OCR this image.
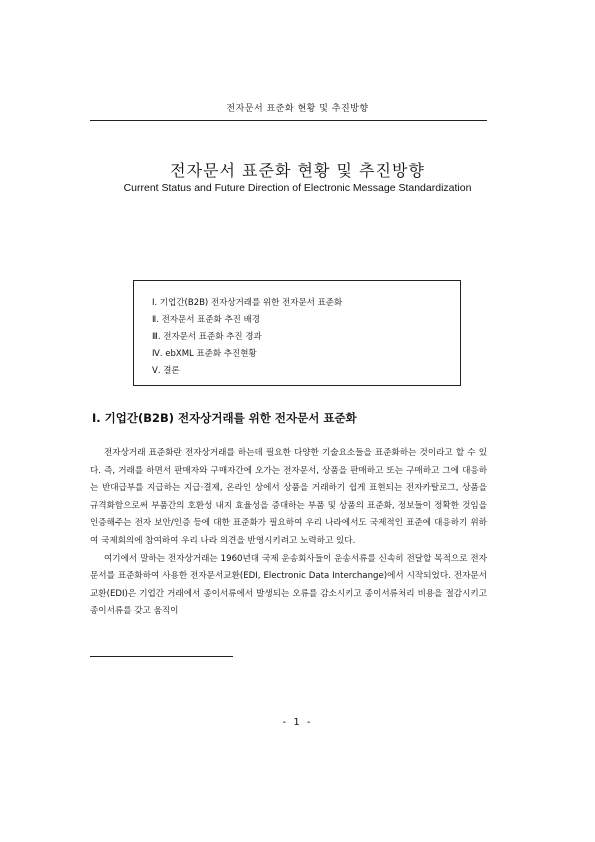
전자문서 표준화 현황 및 추진방향
전자문서 표준화 현황 및 추진방향
Current Status and Future Direction of Electronic Message Standardization
Ⅰ. 기업간(B2B) 전자상거래를 위한 전자문서 표준화
Ⅱ. 전자문서 표준화 추진 배경
Ⅲ. 전자문서 표준화 추진 경과
Ⅳ. ebXML 표준화 추진현황
Ⅴ. 결론
Ⅰ. 기업간(B2B) 전자상거래를 위한 전자문서 표준화

전자상거래 표준화란 전자상거래를 하는데 필요한 다양한 기술요소들을 표준화하는 것이라고 할 수 있다. 즉, 거래를 하면서 판매자와 구매자간에 오가는 전자문서, 상품을 판매하고 또는 구매하고 그에 대응하는 반대급부를 지급하는 지급·결제, 온라인 상에서 상품을 거래하기 쉽게 표현되는 전자카탈로그, 상품을 규격화함으로써 부품간의 호환성 내지 효율성을 증대하는 부품 및 상품의 표준화, 정보들이 정확한 것임을 인증해주는 전자 보안/인증 등에 대한 표준화가 필요하여 우리 나라에서도 국제적인 표준에 대응하기 위하여 국제회의에 참여하여 우리 나라 의견을 반영시키려고 노력하고 있다.

여기에서 말하는 전자상거래는 1960년대 국제 운송회사들이 운송서류를 신속히 전달할 목적으로 전자문서를 표준화하여 사용한 전자문서교환(EDI, Electronic Data Interchange)에서 시작되었다. 전자문서교환(EDI)은 기업간 거래에서 종이서류에서 발생되는 오류를 감소시키고 종이서류처리 비용을 절감시키고 종이서류를 갖고 움직이

- 1 -
